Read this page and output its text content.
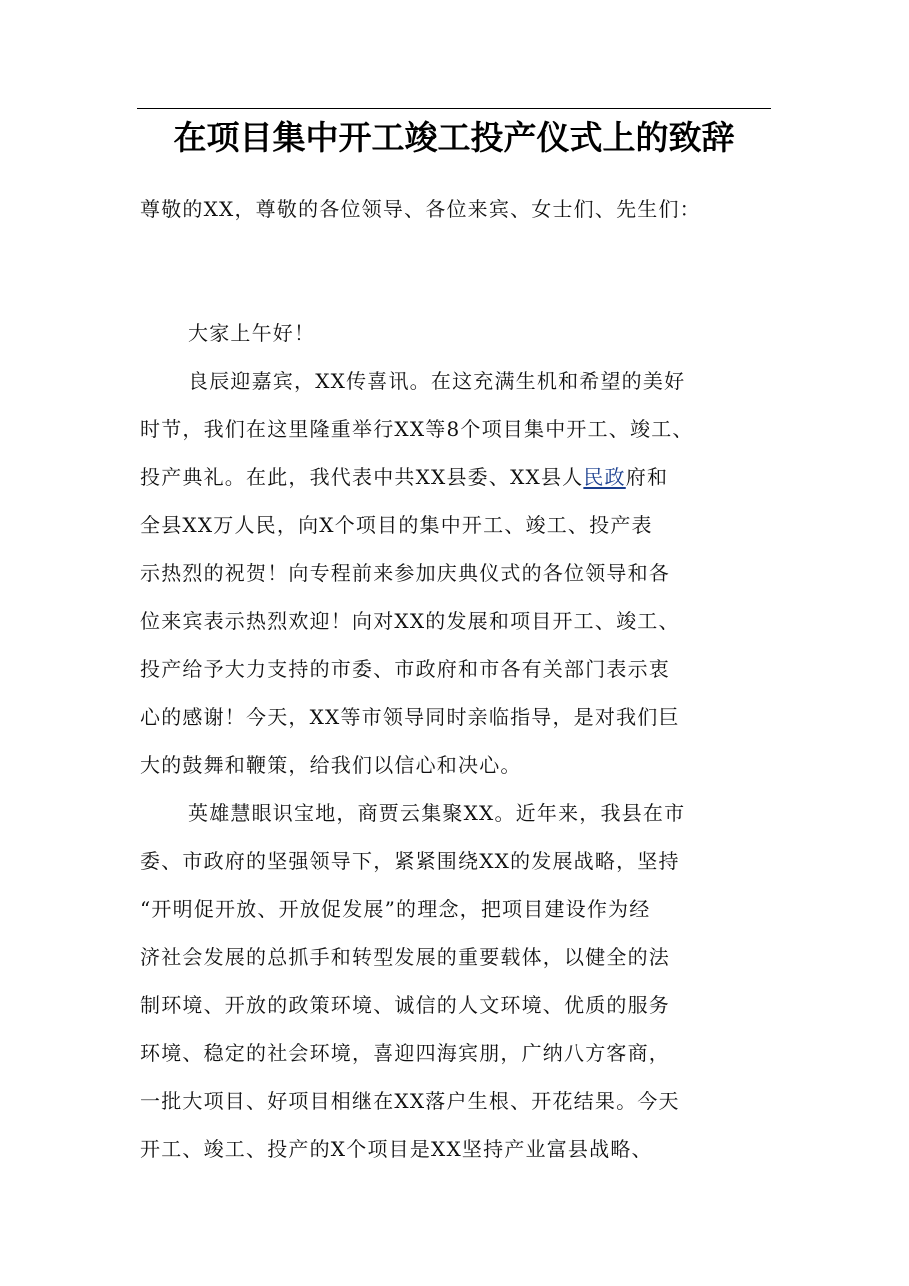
在项目集中开工竣工投产仪式上的致辞
尊敬的XX，尊敬的各位领导、各位来宾、女士们、先生们：
大家上午好！
良辰迎嘉宾，XX传喜讯。在这充满生机和希望的美好
时节，我们在这里隆重举行XX等8个项目集中开工、竣工、
投产典礼。在此，我代表中共XX县委、XX县人民政府和
全县XX万人民，向X个项目的集中开工、竣工、投产表
示热烈的祝贺！向专程前来参加庆典仪式的各位领导和各
位来宾表示热烈欢迎！向对XX的发展和项目开工、竣工、
投产给予大力支持的市委、市政府和市各有关部门表示衷
心的感谢！今天，XX等市领导同时亲临指导，是对我们巨
大的鼓舞和鞭策，给我们以信心和决心。
英雄慧眼识宝地，商贾云集聚XX。近年来，我县在市
委、市政府的坚强领导下，紧紧围绕XX的发展战略，坚持
“开明促开放、开放促发展”的理念，把项目建设作为经
济社会发展的总抓手和转型发展的重要载体，以健全的法
制环境、开放的政策环境、诚信的人文环境、优质的服务
环境、稳定的社会环境，喜迎四海宾朋，广纳八方客商，
一批大项目、好项目相继在XX落户生根、开花结果。今天
开工、竣工、投产的X个项目是XX坚持产业富县战略、
